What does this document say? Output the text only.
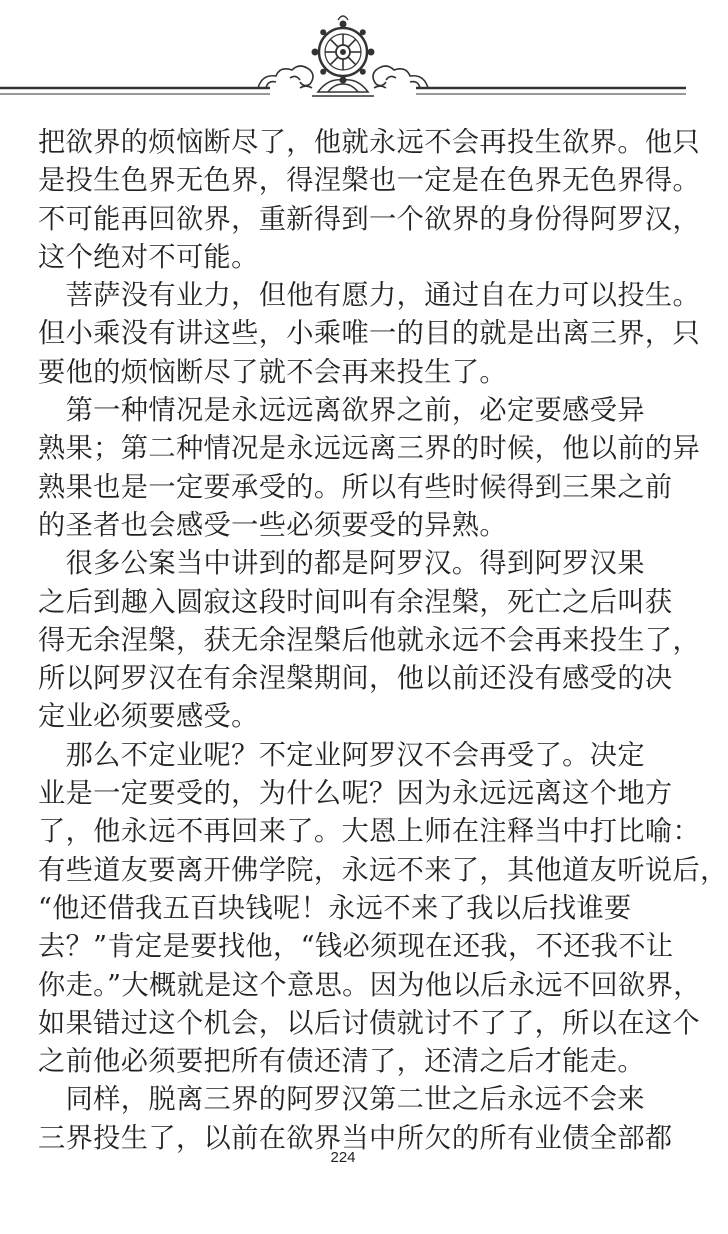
把欲界的烦恼断尽了，他就永远不会再投生欲界。他只
是投生色界无色界，得涅槃也一定是在色界无色界得。
不可能再回欲界，重新得到一个欲界的身份得阿罗汉，
这个绝对不可能。
　菩萨没有业力，但他有愿力，通过自在力可以投生。
但小乘没有讲这些，小乘唯一的目的就是出离三界，只
要他的烦恼断尽了就不会再来投生了。
　第一种情况是永远远离欲界之前，必定要感受异
熟果；第二种情况是永远远离三界的时候，他以前的异
熟果也是一定要承受的。所以有些时候得到三果之前
的圣者也会感受一些必须要受的异熟。
　很多公案当中讲到的都是阿罗汉。得到阿罗汉果
之后到趣入圆寂这段时间叫有余涅槃，死亡之后叫获
得无余涅槃，获无余涅槃后他就永远不会再来投生了，
所以阿罗汉在有余涅槃期间，他以前还没有感受的决
定业必须要感受。
　那么不定业呢？不定业阿罗汉不会再受了。决定
业是一定要受的，为什么呢？因为永远远离这个地方
了，他永远不再回来了。大恩上师在注释当中打比喻：
有些道友要离开佛学院，永远不来了，其他道友听说后，
“他还借我五百块钱呢！永远不来了我以后找谁要
去？”肯定是要找他，“钱必须现在还我，不还我不让
你走。”大概就是这个意思。因为他以后永远不回欲界，
如果错过这个机会，以后讨债就讨不了了，所以在这个
之前他必须要把所有债还清了，还清之后才能走。
　同样，脱离三界的阿罗汉第二世之后永远不会来
三界投生了，以前在欲界当中所欠的所有业债全部都
224
